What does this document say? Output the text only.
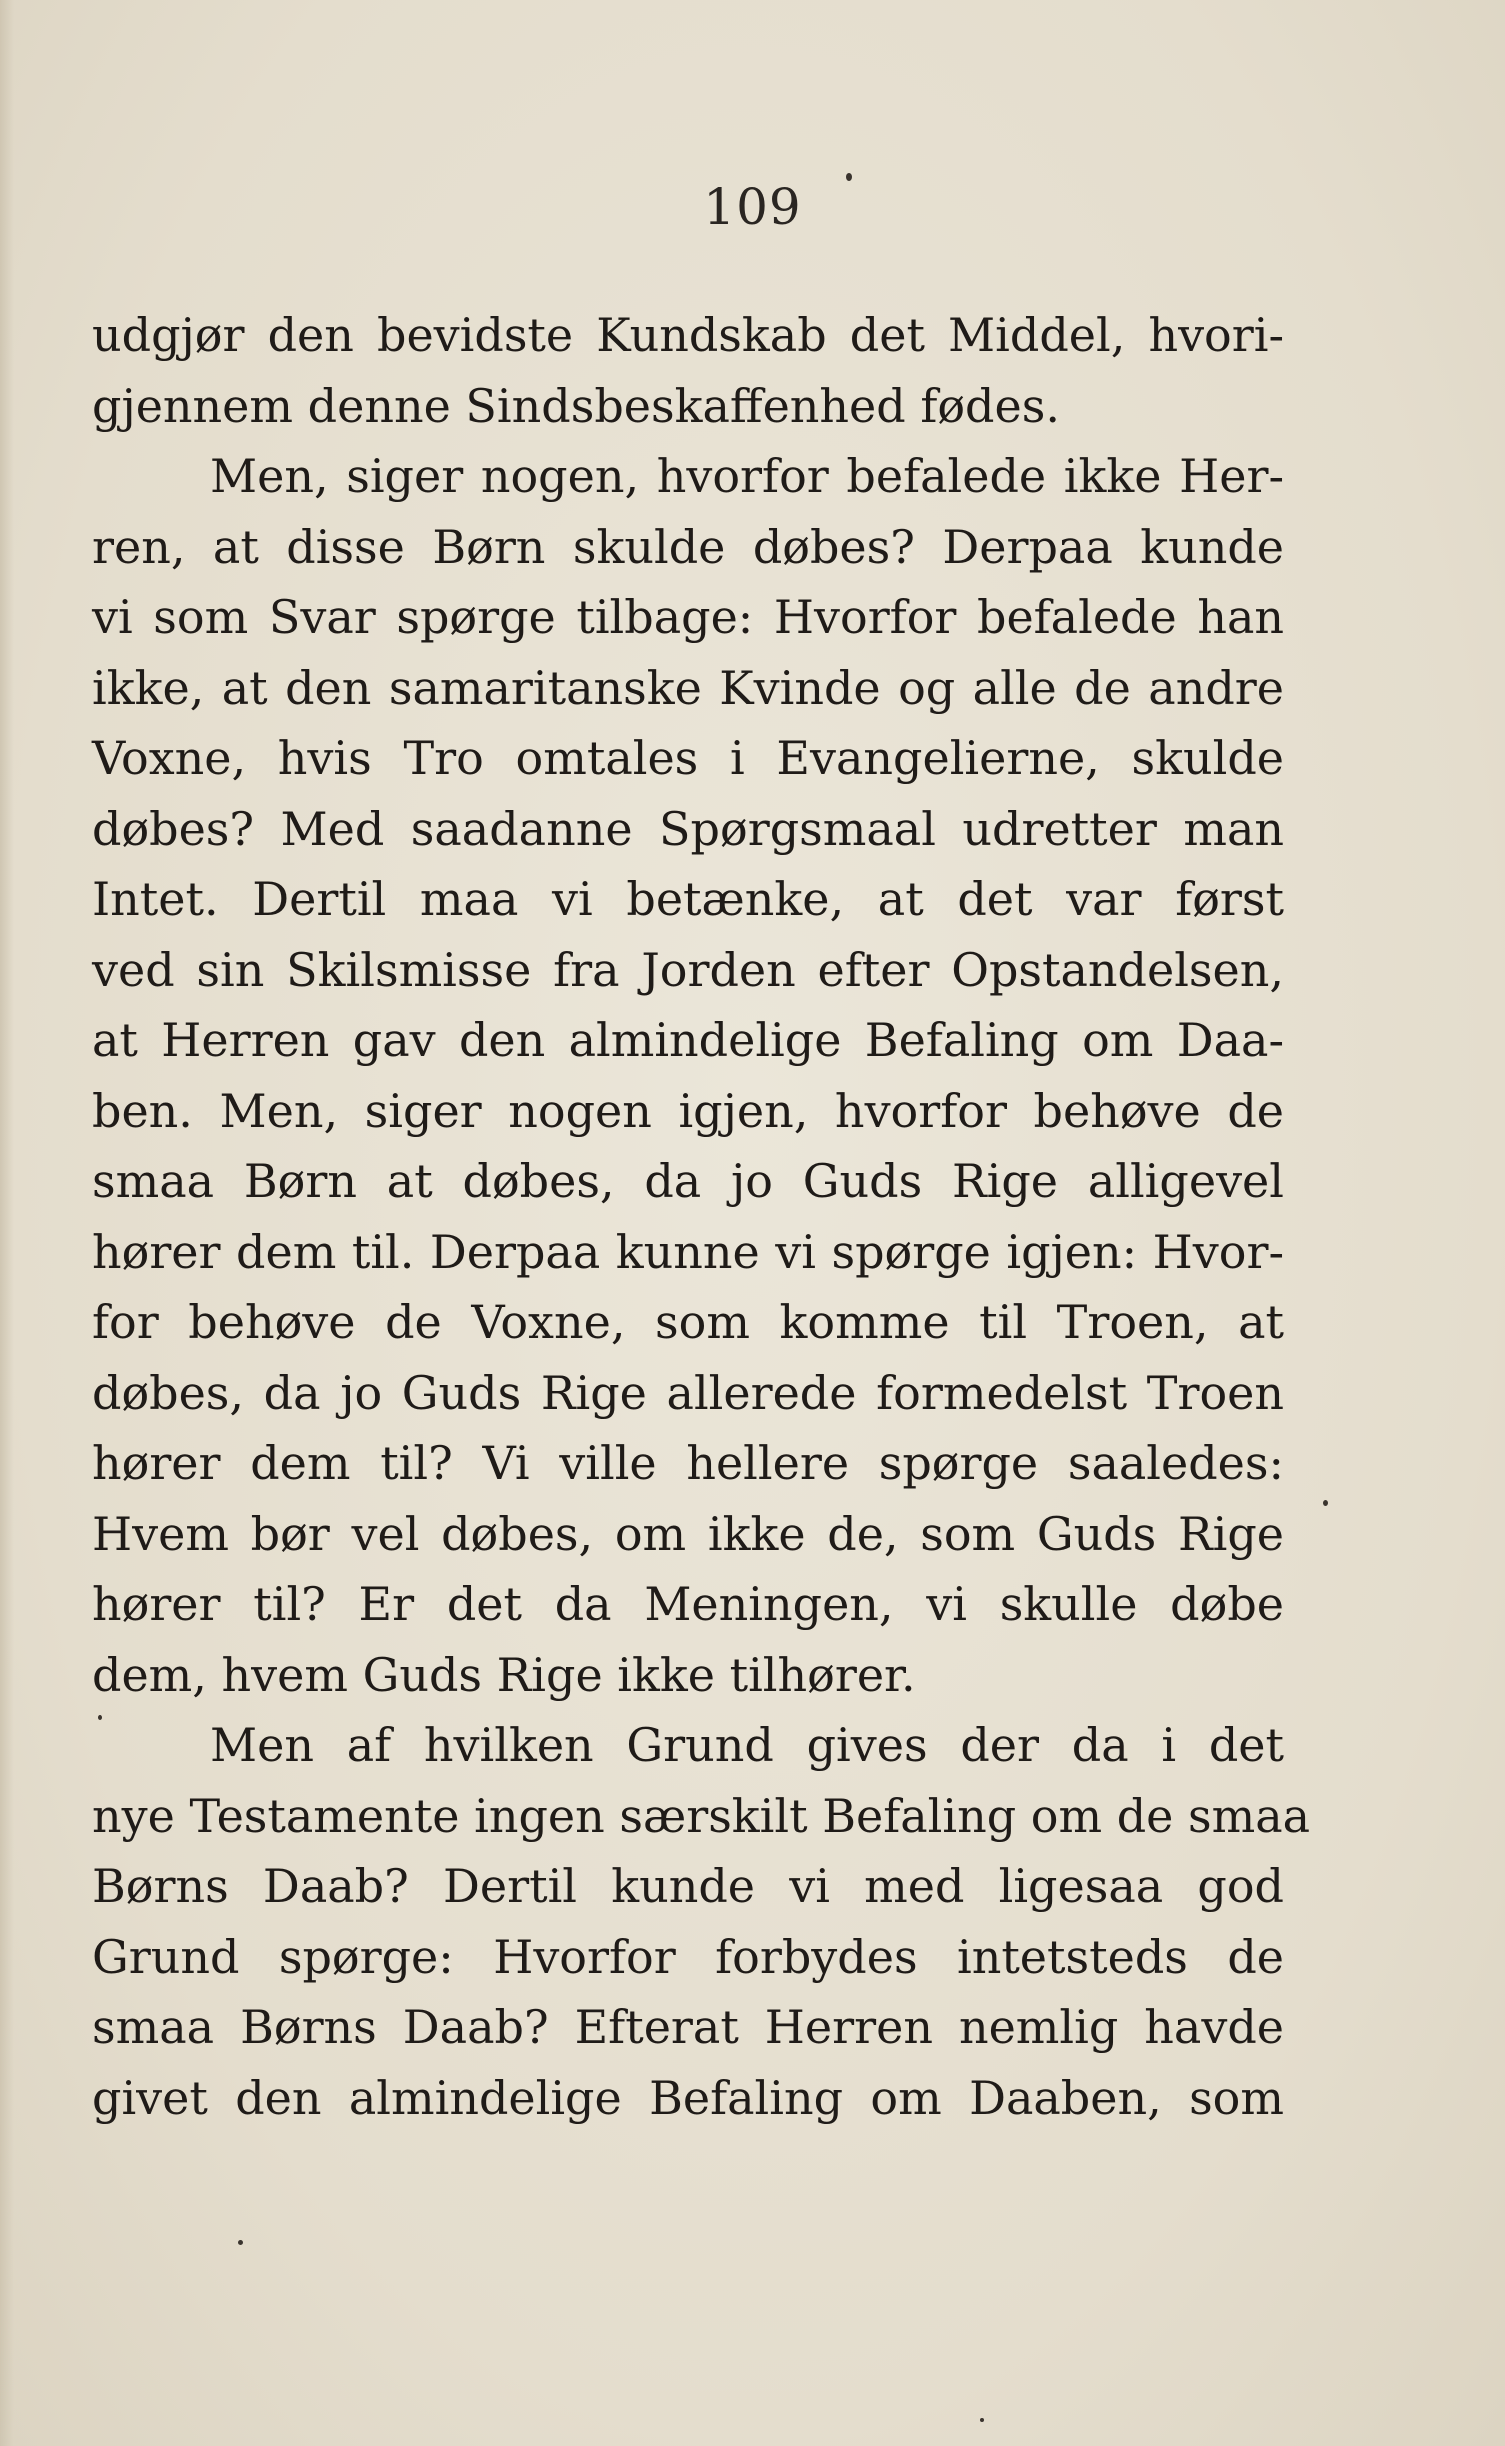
109
udgjør den bevidste Kundskab det Middel, hvori-
gjennem denne Sindsbeskaffenhed fødes.
Men, siger nogen, hvorfor befalede ikke Her-
ren, at disse Børn skulde døbes? Derpaa kunde
vi som Svar spørge tilbage: Hvorfor befalede han
ikke, at den samaritanske Kvinde og alle de andre
Voxne, hvis Tro omtales i Evangelierne, skulde
døbes? Med saadanne Spørgsmaal udretter man
Intet. Dertil maa vi betænke, at det var først
ved sin Skilsmisse fra Jorden efter Opstandelsen,
at Herren gav den almindelige Befaling om Daa-
ben. Men, siger nogen igjen, hvorfor behøve de
smaa Børn at døbes, da jo Guds Rige alligevel
hører dem til. Derpaa kunne vi spørge igjen: Hvor-
for behøve de Voxne, som komme til Troen, at
døbes, da jo Guds Rige allerede formedelst Troen
hører dem til? Vi ville hellere spørge saaledes:
Hvem bør vel døbes, om ikke de, som Guds Rige
hører til? Er det da Meningen, vi skulle døbe
dem, hvem Guds Rige ikke tilhører.
Men af hvilken Grund gives der da i det
nye Testamente ingen særskilt Befaling om de smaa
Børns Daab? Dertil kunde vi med ligesaa god
Grund spørge: Hvorfor forbydes intetsteds de
smaa Børns Daab? Efterat Herren nemlig havde
givet den almindelige Befaling om Daaben, som
